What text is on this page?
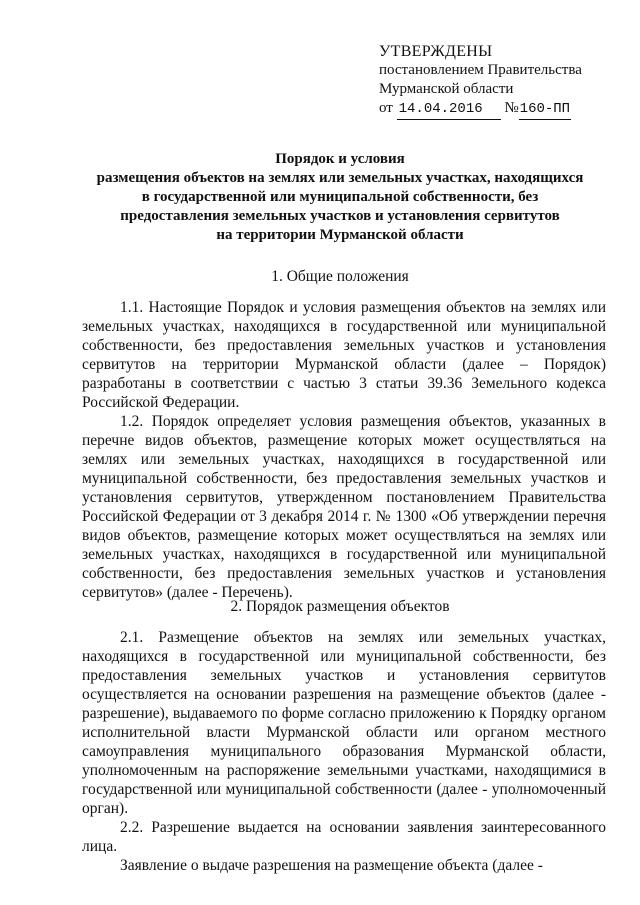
УТВЕРЖДЕНЫ
постановлением Правительства
Мурманской области
от 14.04.2016 №160-ПП
Порядок и условия
размещения объектов на землях или земельных участках, находящихся
в государственной или муниципальной собственности, без
предоставления земельных участков и установления сервитутов
на территории Мурманской области
1. Общие положения

1.1. Настоящие Порядок и условия размещения объектов на землях или земельных участках, находящихся в государственной или муниципальной собственности, без предоставления земельных участков и установления сервитутов на территории Мурманской области (далее – Порядок) разработаны в соответствии с частью 3 статьи 39.36 Земельного кодекса Российской Федерации.

1.2. Порядок определяет условия размещения объектов, указанных в перечне видов объектов, размещение которых может осуществляться на землях или земельных участках, находящихся в государственной или муниципальной собственности, без предоставления земельных участков и установления сервитутов, утвержденном постановлением Правительства Российской Федерации от 3 декабря 2014 г. № 1300 «Об утверждении перечня видов объектов, размещение которых может осуществляться на землях или земельных участках, находящихся в государственной или муниципальной собственности, без предоставления земельных участков и установления сервитутов» (далее - Перечень).

2. Порядок размещения объектов

2.1. Размещение объектов на землях или земельных участках, находящихся в государственной или муниципальной собственности, без предоставления земельных участков и установления сервитутов осуществляется на основании разрешения на размещение объектов (далее - разрешение), выдаваемого по форме согласно приложению к Порядку органом исполнительной власти Мурманской области или органом местного самоуправления муниципального образования Мурманской области, уполномоченным на распоряжение земельными участками, находящимися в государственной или муниципальной собственности (далее - уполномоченный орган).

2.2. Разрешение выдается на основании заявления заинтересованного лица.

Заявление о выдаче разрешения на размещение объекта (далее -
